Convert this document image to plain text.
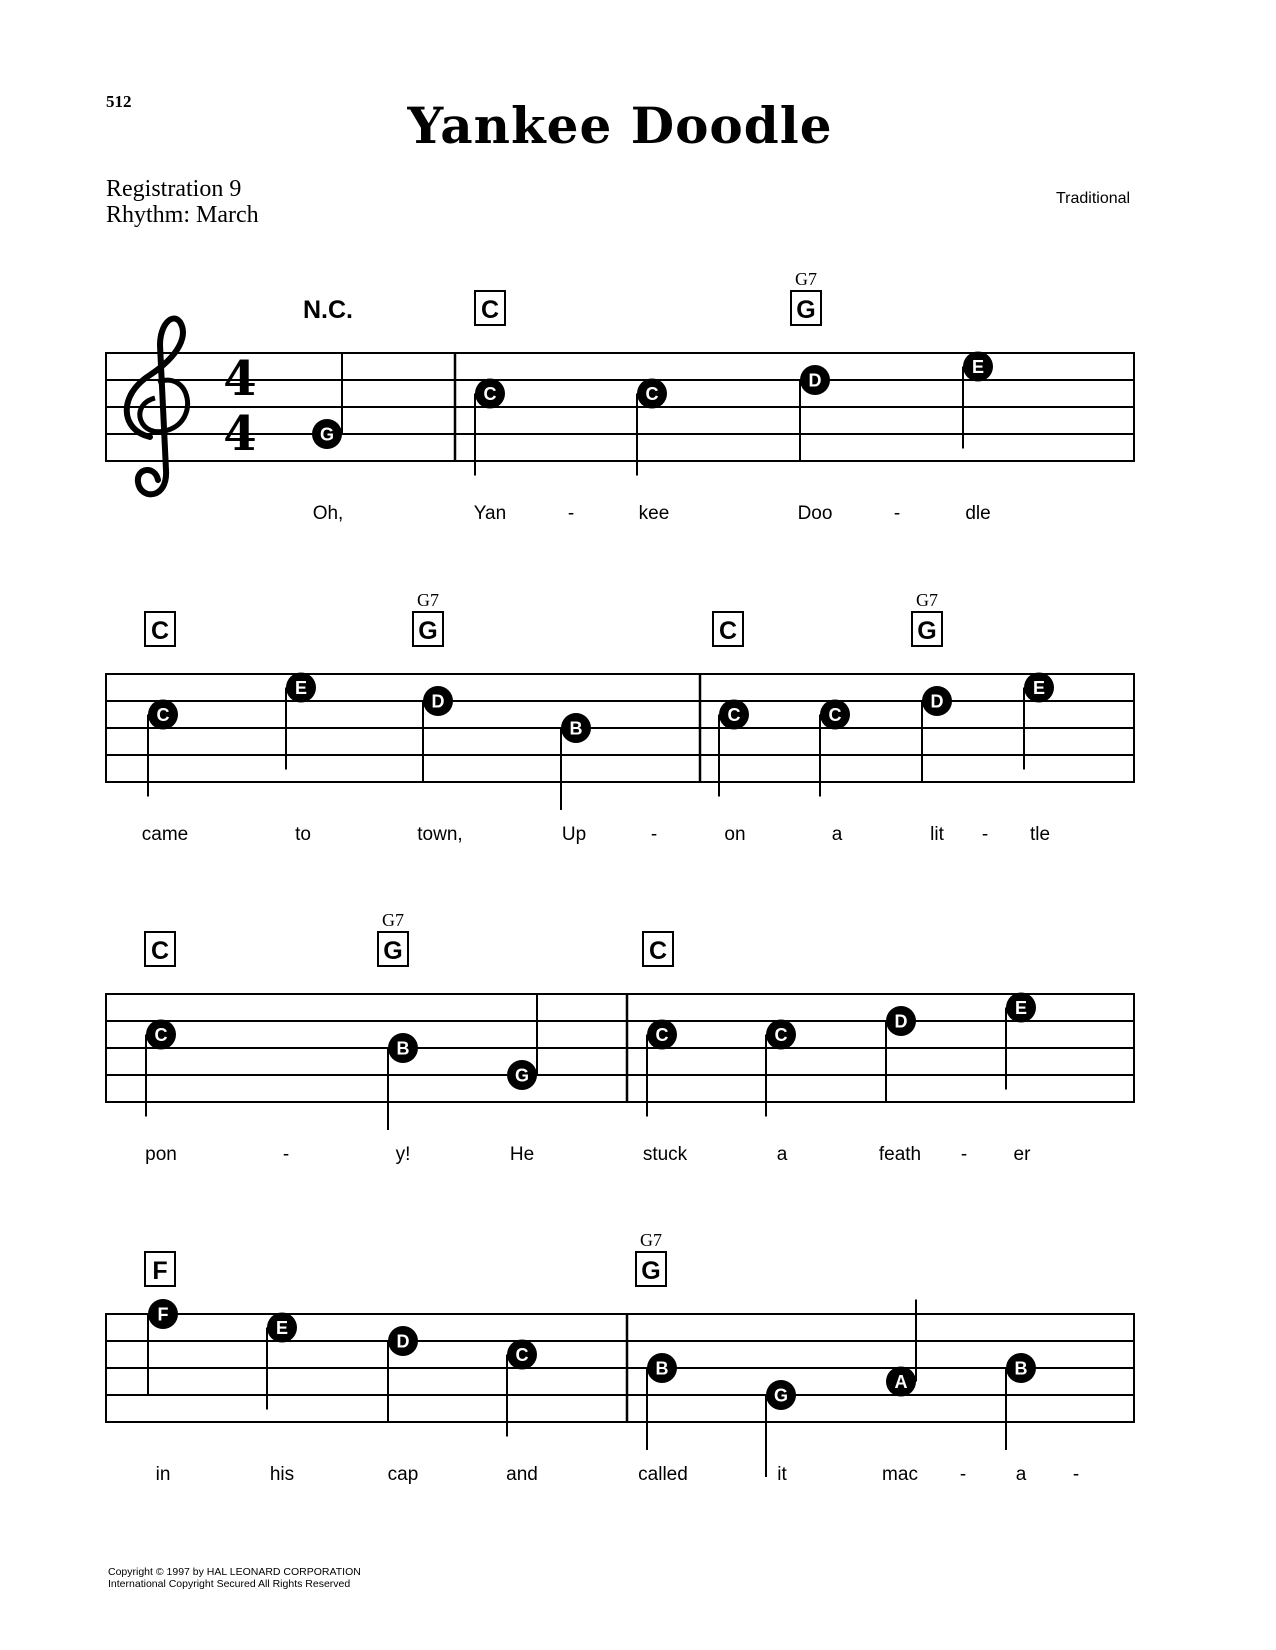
512	Yankee Doodle
Registration 9
Rhythm: March
Traditional
4
4
N.C.	C	G
G7
G
Oh,
C
Yan
C
kee
D
Doo
E
dle
-	-
C	G
G7
C	G
G7
C
came
E
to
D
town,
B
Up
C
on
C
a
D
lit
E
tle
-	-
C	G
G7
C
C
pon
B
y!
G
He
C
stuck
C
a
D
feath
E
er
-	-
F	G
G7
F
in
E
his
D
cap
C
and
B
called
G
it
A
mac
B
a
-	-
Copyright © 1997 by HAL LEONARD CORPORATION
International Copyright Secured All Rights Reserved
